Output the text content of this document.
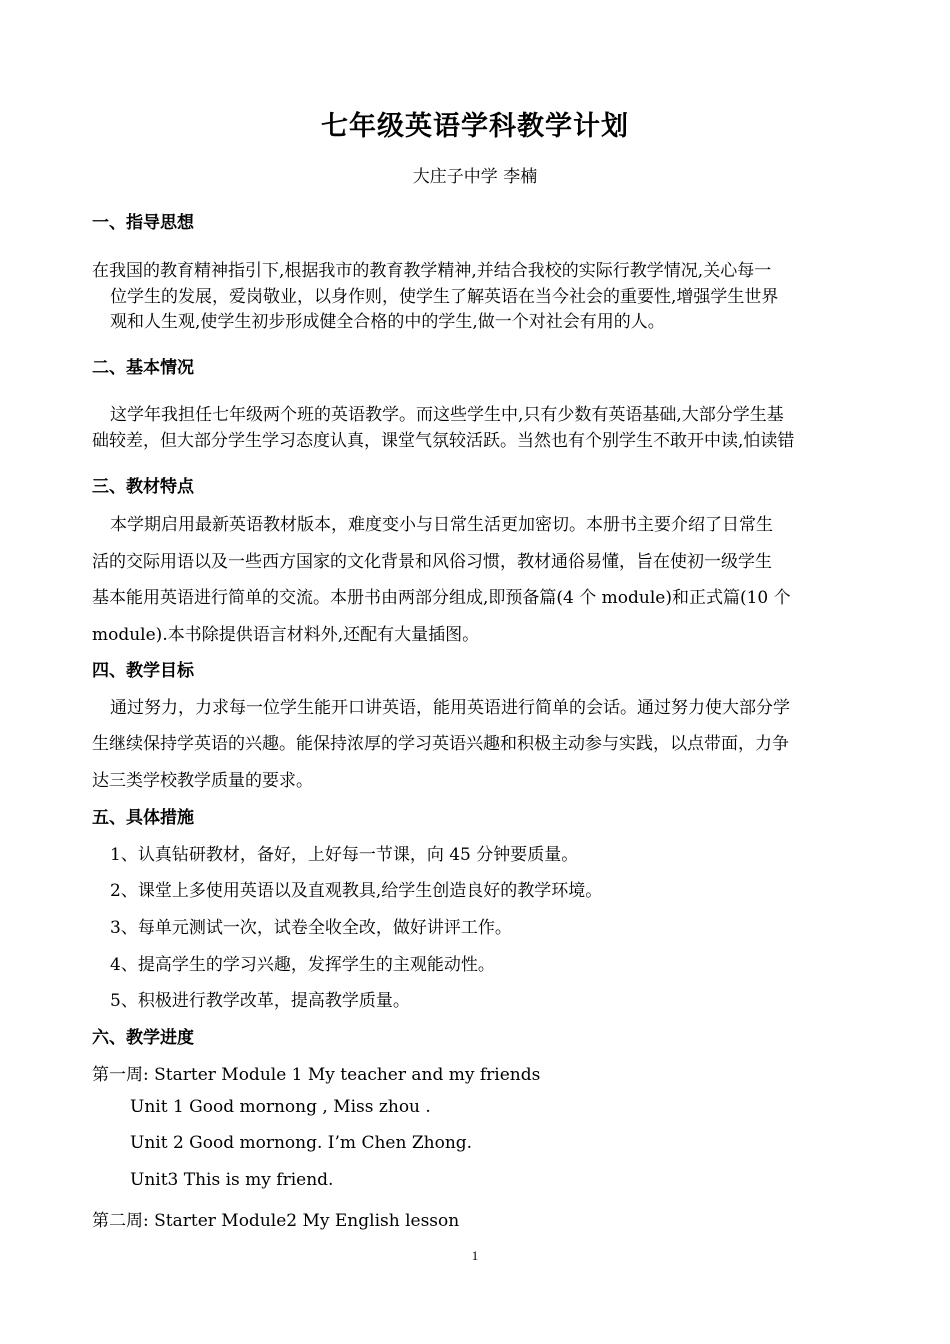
七年级英语学科教学计划
大庄子中学 李楠
一、指导思想
在我国的教育精神指引下,根据我市的教育教学精神,并结合我校的实际行教学情况,关心每一
位学生的发展，爱岗敬业，以身作则，使学生了解英语在当今社会的重要性,增强学生世界
观和人生观,使学生初步形成健全合格的中的学生,做一个对社会有用的人。
二、基本情况
这学年我担任七年级两个班的英语教学。而这些学生中,只有少数有英语基础,大部分学生基
础较差，但大部分学生学习态度认真，课堂气氛较活跃。当然也有个别学生不敢开中读,怕读错
三、教材特点
本学期启用最新英语教材版本，难度变小与日常生活更加密切。本册书主要介绍了日常生
活的交际用语以及一些西方国家的文化背景和风俗习惯，教材通俗易懂，旨在使初一级学生
基本能用英语进行简单的交流。本册书由两部分组成,即预备篇(4 个 module)和正式篇(10 个
module).本书除提供语言材料外,还配有大量插图。
四、教学目标
通过努力，力求每一位学生能开口讲英语，能用英语进行简单的会话。通过努力使大部分学
生继续保持学英语的兴趣。能保持浓厚的学习英语兴趣和积极主动参与实践，以点带面，力争
达三类学校教学质量的要求。
五、具体措施
1、认真钻研教材，备好，上好每一节课，向 45 分钟要质量。
2、课堂上多使用英语以及直观教具,给学生创造良好的教学环境。
3、每单元测试一次，试卷全收全改，做好讲评工作。
4、提高学生的学习兴趣，发挥学生的主观能动性。
5、积极进行教学改革，提高教学质量。
六、教学进度
第一周: Starter Module 1 My teacher and my friends
Unit 1 Good mornong , Miss zhou .
Unit 2 Good mornong. I’m Chen Zhong.
Unit3 This is my friend.
第二周: Starter Module2 My English lesson
1
